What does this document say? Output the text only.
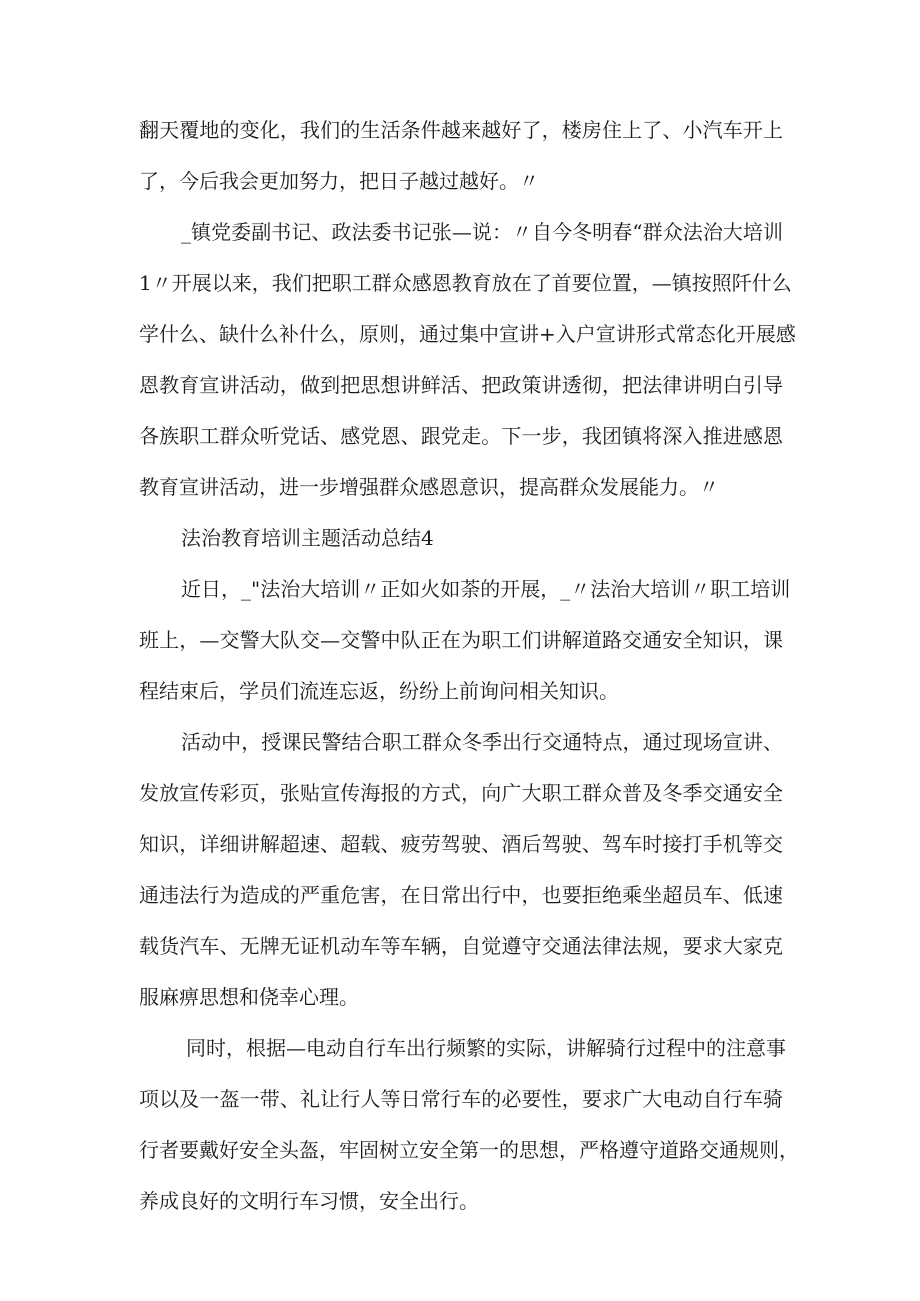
翻天覆地的变化，我们的生活条件越来越好了，楼房住上了、小汽车开上
了，今后我会更加努力，把日子越过越好。〃
_镇党委副书记、政法委书记张—说：〃自今冬明春“群众法治大培训
1〃开展以来，我们把职工群众感恩教育放在了首要位置，—镇按照阡什么
学什么、缺什么补什么，原则，通过集中宣讲+入户宣讲形式常态化开展感
恩教育宣讲活动，做到把思想讲鲜活、把政策讲透彻，把法律讲明白引导
各族职工群众听党话、感党恩、跟党走。下一步，我团镇将深入推进感恩
教育宣讲活动，进一步增强群众感恩意识，提高群众发展能力。〃
法治教育培训主题活动总结4
近日，_"法治大培训〃正如火如荼的开展，_〃法治大培训〃职工培训
班上，—交警大队交—交警中队正在为职工们讲解道路交通安全知识，课
程结束后，学员们流连忘返，纷纷上前询问相关知识。
活动中，授课民警结合职工群众冬季出行交通特点，通过现场宣讲、
发放宣传彩页，张贴宣传海报的方式，向广大职工群众普及冬季交通安全
知识，详细讲解超速、超载、疲劳驾驶、酒后驾驶、驾车时接打手机等交
通违法行为造成的严重危害，在日常出行中，也要拒绝乘坐超员车、低速
载货汽车、无牌无证机动车等车辆，自觉遵守交通法律法规，要求大家克
服麻痹思想和侥幸心理。
同时，根据—电动自行车出行频繁的实际，讲解骑行过程中的注意事
项以及一盔一带、礼让行人等日常行车的必要性，要求广大电动自行车骑
行者要戴好安全头盔，牢固树立安全第一的思想，严格遵守道路交通规则，
养成良好的文明行车习惯，安全出行。
